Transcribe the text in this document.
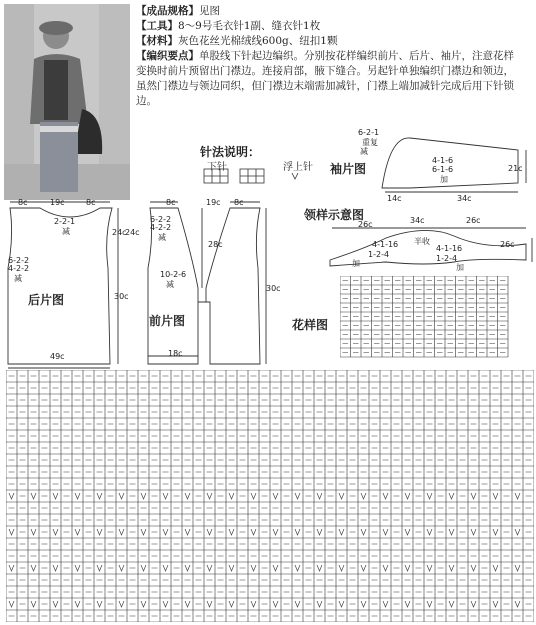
【成品规格】见图
【工具】8～9号毛衣针1副、缝衣针1枚
【材料】灰色花丝光棉绒线600g、纽扣1颗
【编织要点】单股线下针起边编织。分别按花样编织前片、后片、袖片，注意花样
变换时前片预留出门襟边。连接肩部，腋下缝合。另起针单独编织门襟边和领边，
虽然门襟边与领边同织，但门襟边末端需加减针，门襟上端加减针完成后用下针锁
边。
针法说明：
下针	浮上针
6-2-1
重复
减
袖片图
4-1-6
6-1-6
加
21c
14c	34c
8c	19c	8c
2-2-1
减	24c
6-2-2
4-2-2
减
后片图	30c
49c
8c	19c 8c
24c
6-2-2
4-2-2
减
28c
10-2-6
减
前片图
30c
18c
领样示意图
26c	34c	26c
26c
4-1-16 半收
4-1-16
1-2-4	1-2-4
加	加
花样图
